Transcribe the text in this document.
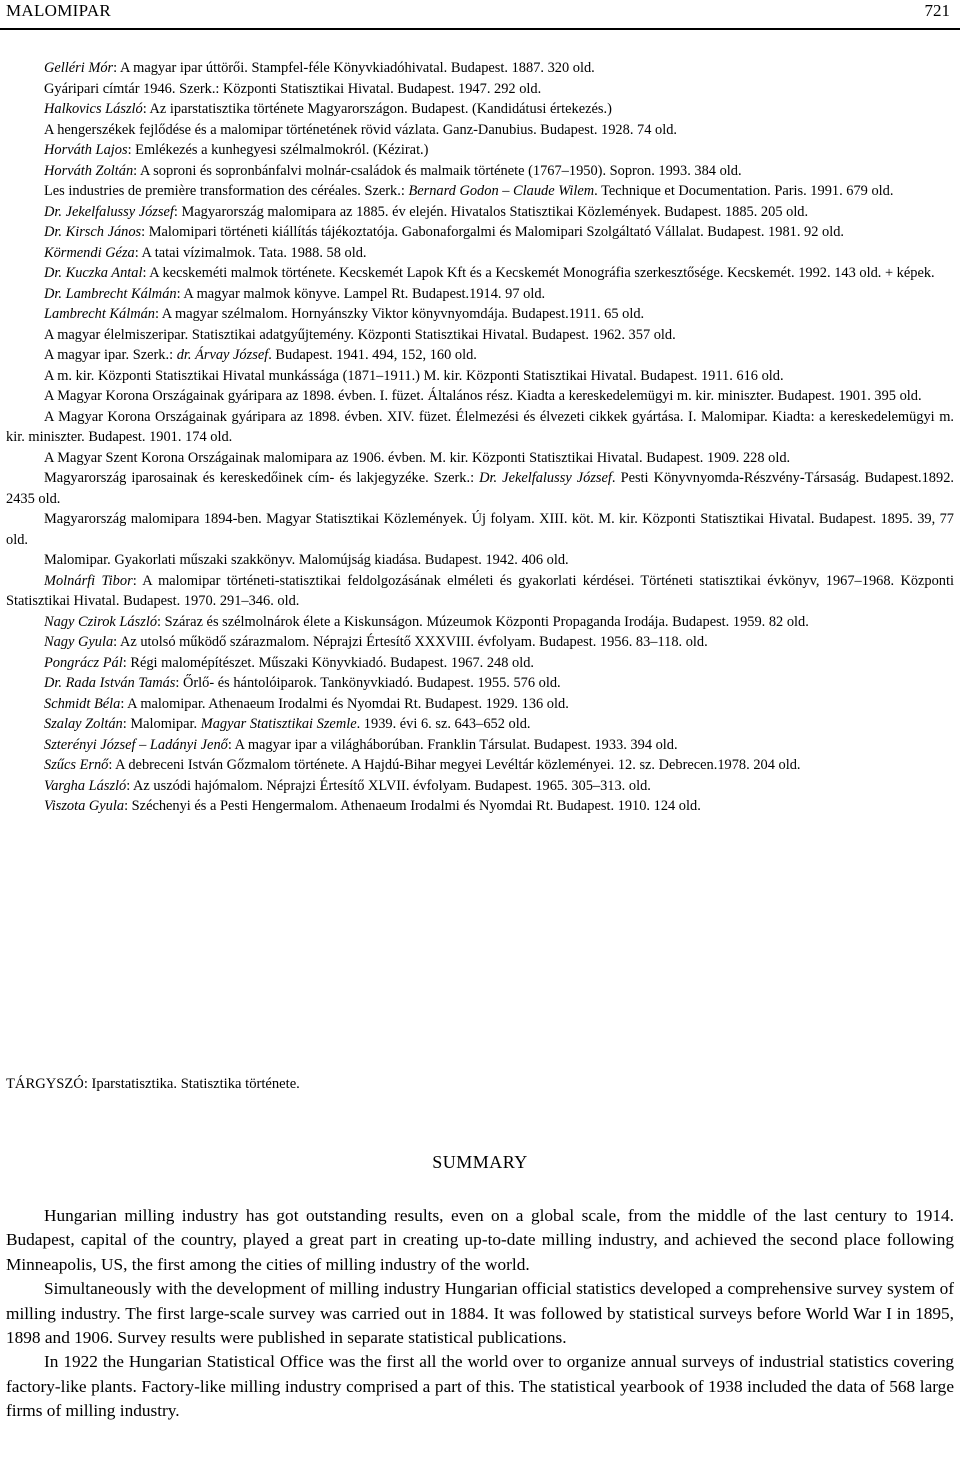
MALOMIPAR	721

Gelléri Mór: A magyar ipar úttörői. Stampfel-féle Könyvkiadóhivatal. Budapest. 1887. 320 old.

Gyáripari címtár 1946. Szerk.: Központi Statisztikai Hivatal. Budapest. 1947. 292 old.

Halkovics László: Az iparstatisztika története Magyarországon. Budapest. (Kandidátusi értekezés.)

A hengerszékek fejlődése és a malomipar történetének rövid vázlata. Ganz-Danubius. Budapest. 1928. 74 old.

Horváth Lajos: Emlékezés a kunhegyesi szélmalmokról. (Kézirat.)

Horváth Zoltán: A soproni és sopronbánfalvi molnár-családok és malmaik története (1767–1950). Sopron. 1993. 384 old.

Les industries de première transformation des céréales. Szerk.: Bernard Godon – Claude Wilem. Technique et Documentation. Paris. 1991. 679 old.

Dr. Jekelfalussy József: Magyarország malomipara az 1885. év elején. Hivatalos Statisztikai Közlemények. Budapest. 1885. 205 old.

Dr. Kirsch János: Malomipari történeti kiállítás tájékoztatója. Gabonaforgalmi és Malomipari Szolgáltató Vállalat. Budapest. 1981. 92 old.

Körmendi Géza: A tatai vízimalmok. Tata. 1988. 58 old.

Dr. Kuczka Antal: A kecskeméti malmok története. Kecskemét Lapok Kft és a Kecskemét Monográfia szerkesztősége. Kecskemét. 1992. 143 old. + képek.

Dr. Lambrecht Kálmán: A magyar malmok könyve. Lampel Rt. Budapest.1914. 97 old.

Lambrecht Kálmán: A magyar szélmalom. Hornyánszky Viktor könyvnyomdája. Budapest.1911. 65 old.

A magyar élelmiszeripar. Statisztikai adatgyűjtemény. Központi Statisztikai Hivatal. Budapest. 1962. 357 old.

A magyar ipar. Szerk.: dr. Árvay József. Budapest. 1941. 494, 152, 160 old.

A m. kir. Központi Statisztikai Hivatal munkássága (1871–1911.) M. kir. Központi Statisztikai Hivatal. Budapest. 1911. 616 old.

A Magyar Korona Országainak gyáripara az 1898. évben. I. füzet. Általános rész. Kiadta a kereskedelemügyi m. kir. miniszter. Budapest. 1901. 395 old.

A Magyar Korona Országainak gyáripara az 1898. évben. XIV. füzet. Élelmezési és élvezeti cikkek gyártása. I. Malomipar. Kiadta: a kereskedelemügyi m. kir. miniszter. Budapest. 1901. 174 old.

A Magyar Szent Korona Országainak malomipara az 1906. évben. M. kir. Központi Statisztikai Hivatal. Budapest. 1909. 228 old.

Magyarország iparosainak és kereskedőinek cím- és lakjegyzéke. Szerk.: Dr. Jekelfalussy József. Pesti Könyvnyomda-Részvény-Társaság. Budapest.1892. 2435 old.

Magyarország malomipara 1894-ben. Magyar Statisztikai Közlemények. Új folyam. XIII. köt. M. kir. Központi Statisztikai Hivatal. Budapest. 1895. 39, 77 old.

Malomipar. Gyakorlati műszaki szakkönyv. Malomújság kiadása. Budapest. 1942. 406 old.

Molnárfi Tibor: A malomipar történeti-statisztikai feldolgozásának elméleti és gyakorlati kérdései. Történeti statisztikai évkönyv, 1967–1968. Központi Statisztikai Hivatal. Budapest. 1970. 291–346. old.

Nagy Czirok László: Száraz és szélmolnárok élete a Kiskunságon. Múzeumok Központi Propaganda Irodája. Budapest. 1959. 82 old.

Nagy Gyula: Az utolsó működő szárazmalom. Néprajzi Értesítő XXXVIII. évfolyam. Budapest. 1956. 83–118. old.

Pongrácz Pál: Régi malomépítészet. Műszaki Könyvkiadó. Budapest. 1967. 248 old.

Dr. Rada István Tamás: Őrlő- és hántolóiparok. Tankönyvkiadó. Budapest. 1955. 576 old.

Schmidt Béla: A malomipar. Athenaeum Irodalmi és Nyomdai Rt. Budapest. 1929. 136 old.

Szalay Zoltán: Malomipar. Magyar Statisztikai Szemle. 1939. évi 6. sz. 643–652 old.

Szterényi József – Ladányi Jenő: A magyar ipar a világháborúban. Franklin Társulat. Budapest. 1933. 394 old.

Szűcs Ernő: A debreceni István Gőzmalom története. A Hajdú-Bihar megyei Levéltár közleményei. 12. sz. Debrecen.1978. 204 old.

Vargha László: Az uszódi hajómalom. Néprajzi Értesítő XLVII. évfolyam. Budapest. 1965. 305–313. old.

Viszota Gyula: Széchenyi és a Pesti Hengermalom. Athenaeum Irodalmi és Nyomdai Rt. Budapest. 1910. 124 old.

TÁRGYSZÓ: Iparstatisztika. Statisztika története.
SUMMARY

Hungarian milling industry has got outstanding results, even on a global scale, from the middle of the last century to 1914. Budapest, capital of the country, played a great part in creating up-to-date milling industry, and achieved the second place following Minneapolis, US, the first among the cities of milling industry of the world.

Simultaneously with the development of milling industry Hungarian official statistics developed a comprehensive survey system of milling industry. The first large-scale survey was carried out in 1884. It was followed by statistical surveys before World War I in 1895, 1898 and 1906. Survey results were published in separate statistical publications.

In 1922 the Hungarian Statistical Office was the first all the world over to organize annual surveys of industrial statistics covering factory-like plants. Factory-like milling industry comprised a part of this. The statistical yearbook of 1938 included the data of 568 large firms of milling industry.
